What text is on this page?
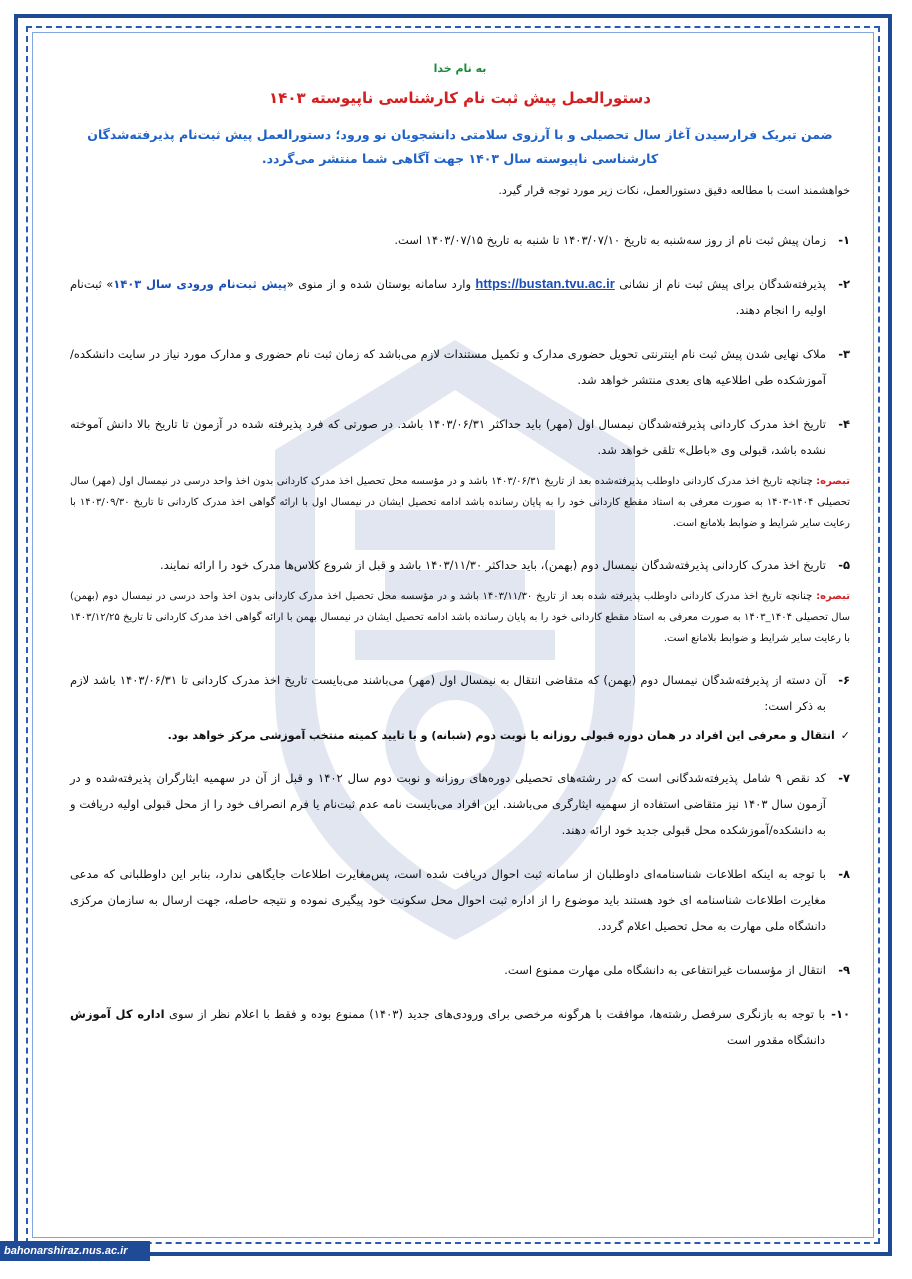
به نام خدا
دستورالعمل پیش ثبت نام کارشناسی ناپیوسته ۱۴۰۳
ضمن تبریک فرارسیدن آغاز سال تحصیلی و با آرزوی سلامتی دانشجویان نو ورود؛ دستورالعمل پیش ثبت‌نام پذیرفته‌شدگان کارشناسی ناپیوسته سال ۱۴۰۳ جهت آگاهی شما منتشر می‌گردد.
خواهشمند است با مطالعه دقیق دستورالعمل، نکات زیر مورد توجه قرار گیرد.
۱-
زمان پیش ثبت نام از روز سه‌شنبه به تاریخ ۱۴۰۳/۰۷/۱۰ تا شنبه به تاریخ ۱۴۰۳/۰۷/۱۵ است.
۲-
پذیرفته‌شدگان برای پیش ثبت نام از نشانی https://bustan.tvu.ac.ir وارد سامانه بوستان شده و از منوی «پیش ثبت‌نام ورودی سال ۱۴۰۳» ثبت‌نام اولیه را انجام دهند.
۳-
ملاک نهایی شدن پیش ثبت نام اینترنتی تحویل حضوری مدارک و تکمیل مستندات لازم می‌باشد که زمان ثبت نام حضوری و مدارک مورد نیاز در سایت دانشکده/آموزشکده طی اطلاعیه های بعدی منتشر خواهد شد.
۴-
تاریخ اخذ مدرک کاردانی پذیرفته‌شدگان نیمسال اول (مهر) باید حداکثر ۱۴۰۳/۰۶/۳۱ باشد. در صورتی که فرد پذیرفته شده در آزمون تا تاریخ بالا دانش آموخته نشده باشد، قبولی وی «باطل» تلقی خواهد شد.
تبصره: چنانچه تاریخ اخذ مدرک کاردانی داوطلب پذیرفته‌شده بعد از تاریخ ۱۴۰۳/۰۶/۳۱ باشد و در مؤسسه محل تحصیل اخذ مدرک کاردانی بدون اخذ واحد درسی در نیمسال اول (مهر) سال تحصیلی ۱۴۰۴-۱۴۰۳ به صورت معرفی به استاد مقطع کاردانی خود را به پایان رسانده باشد ادامه تحصیل ایشان در نیمسال اول با ارائه گواهی اخذ مدرک کاردانی تا تاریخ ۱۴۰۳/۰۹/۳۰ با رعایت سایر شرایط و ضوابط بلامانع است.
۵-
تاریخ اخذ مدرک کاردانی پذیرفته‌شدگان نیمسال دوم (بهمن)، باید حداکثر ۱۴۰۳/۱۱/۳۰ باشد و قبل از شروع کلاس‌ها مدرک خود را ارائه نمایند.
تبصره: چنانچه تاریخ اخذ مدرک کاردانی داوطلب پذیرفته شده بعد از تاریخ ۱۴۰۳/۱۱/۳۰ باشد و در مؤسسه محل تحصیل اخذ مدرک کاردانی بدون اخذ واحد درسی در نیمسال دوم (بهمن) سال تحصیلی ۱۴۰۴_۱۴۰۳ به صورت معرفی به استاد مقطع کاردانی خود را به پایان رسانده باشد ادامه تحصیل ایشان در نیمسال بهمن با ارائه گواهی اخذ مدرک کاردانی تا تاریخ ۱۴۰۳/۱۲/۲۵ با رعایت سایر شرایط و ضوابط بلامانع است.
۶-
آن دسته از پذیرفته‌شدگان نیمسال دوم (بهمن) که متقاضی انتقال به نیمسال اول (مهر) می‌باشند می‌بایست تاریخ اخذ مدرک کاردانی تا ۱۴۰۳/۰۶/۳۱ باشد لازم به ذکر است:
✓
انتقال و معرفی این افراد در همان دوره قبولی روزانه یا نوبت دوم (شبانه) و با تایید کمیته منتخب آموزشی مرکز خواهد بود.
۷-
کد نقص ۹ شامل پذیرفته‌شدگانی است که در رشته‌های تحصیلی دوره‌های روزانه و نوبت دوم سال ۱۴۰۲ و قبل از آن در سهمیه ایثارگران پذیرفته‌شده و در آزمون سال ۱۴۰۳ نیز متقاضی استفاده از سهمیه ایثارگری می‌باشند. این افراد می‌بایست نامه عدم ثبت‌نام یا فرم انصراف خود را از محل قبولی اولیه دریافت و به دانشکده/آموزشکده محل قبولی جدید خود ارائه دهند.
۸-
با توجه به اینکه اطلاعات شناسنامه‌ای داوطلبان از سامانه ثبت احوال دریافت شده است، پس‌مغایرت اطلاعات جایگاهی ندارد، بنابر این داوطلبانی که مدعی مغایرت اطلاعات شناسنامه ای خود هستند باید موضوع را از اداره ثبت احوال محل سکونت خود پیگیری نموده و نتیجه حاصله، جهت ارسال به سازمان مرکزی دانشگاه ملی مهارت به محل تحصیل اعلام گردد.
۹-
انتقال از مؤسسات غیرانتفاعی به دانشگاه ملی مهارت ممنوع است.
۱۰-
با توجه به بازنگری سرفصل رشته‌ها، موافقت با هرگونه مرخصی برای ورودی‌های جدید (۱۴۰۳) ممنوع بوده و فقط با اعلام نظر از سوی اداره کل آموزش دانشگاه مقدور است
bahonarshiraz.nus.ac.ir
